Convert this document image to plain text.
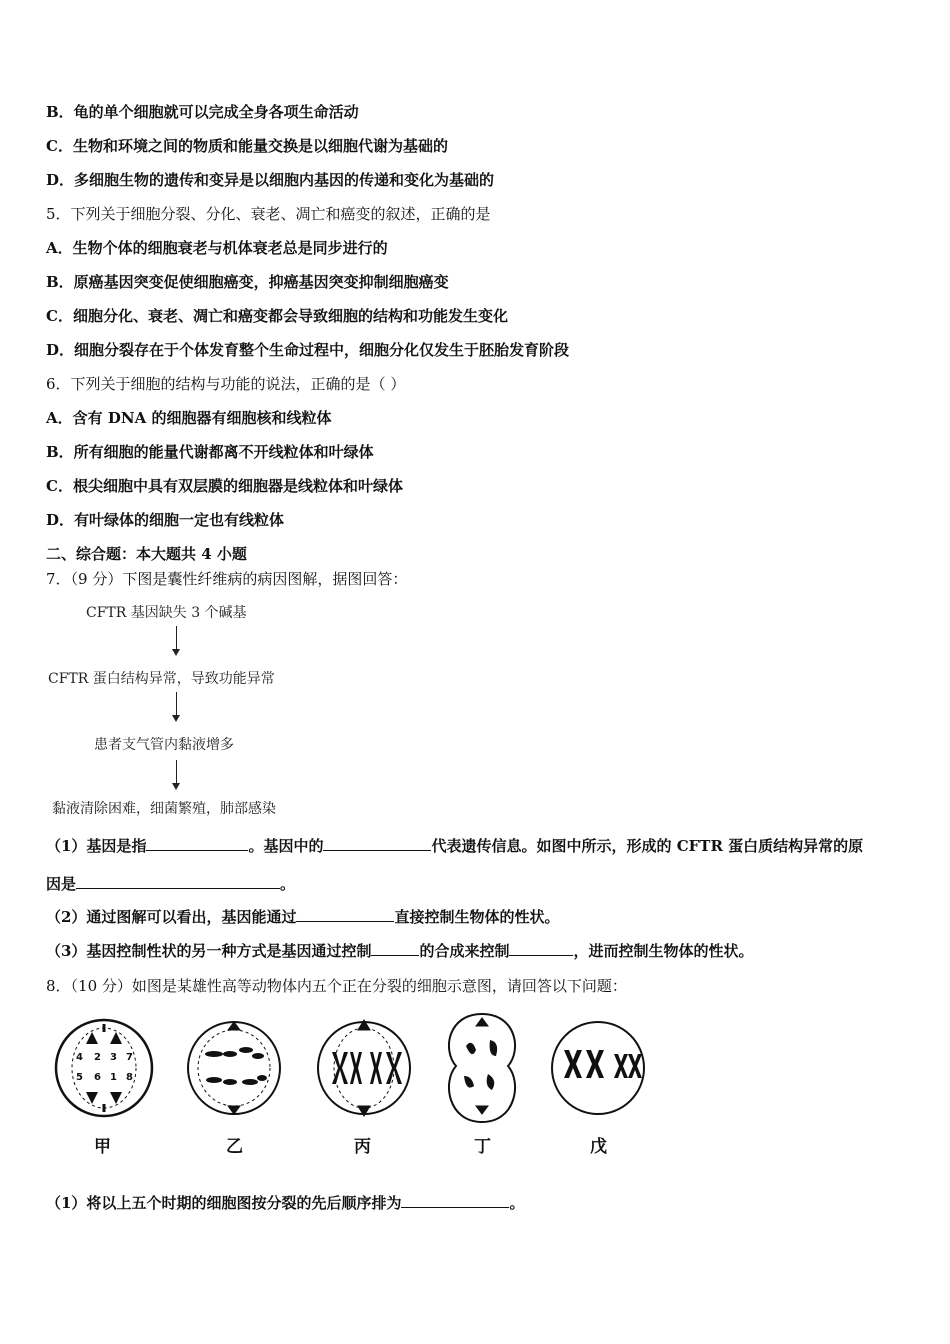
B．龟的单个细胞就可以完成全身各项生命活动
C．生物和环境之间的物质和能量交换是以细胞代谢为基础的
D．多细胞生物的遗传和变异是以细胞内基因的传递和变化为基础的
5．下列关于细胞分裂、分化、衰老、凋亡和癌变的叙述，正确的是
A．生物个体的细胞衰老与机体衰老总是同步进行的
B．原癌基因突变促使细胞癌变，抑癌基因突变抑制细胞癌变
C．细胞分化、衰老、凋亡和癌变都会导致细胞的结构和功能发生变化
D．细胞分裂存在于个体发育整个生命过程中，细胞分化仅发生于胚胎发育阶段
6．下列关于细胞的结构与功能的说法，正确的是（ ）
A．含有 DNA 的细胞器有细胞核和线粒体
B．所有细胞的能量代谢都离不开线粒体和叶绿体
C．根尖细胞中具有双层膜的细胞器是线粒体和叶绿体
D．有叶绿体的细胞一定也有线粒体
二、综合题：本大题共 4 小题
7．（9 分）下图是囊性纤维病的病因图解，据图回答：
CFTR 基因缺失 3 个碱基
CFTR 蛋白结构异常，导致功能异常
患者支气管内黏液增多
黏液清除困难，细菌繁殖，肺部感染
（1）基因是指	。基因中的	代表遗传信息。如图中所示，形成的 CFTR 蛋白质结构异常的原
因是	。
（2）通过图解可以看出，基因能通过	直接控制生物体的性状。
（3）基因控制性状的另一种方式是基因通过控制	的合成来控制	，进而控制生物体的性状。
8．（10 分）如图是某雄性高等动物体内五个正在分裂的细胞示意图，请回答以下问题：
4 2 3 7
5 6 1 8
甲	乙	丙	丁	戊
（1）将以上五个时期的细胞图按分裂的先后顺序排为	。
